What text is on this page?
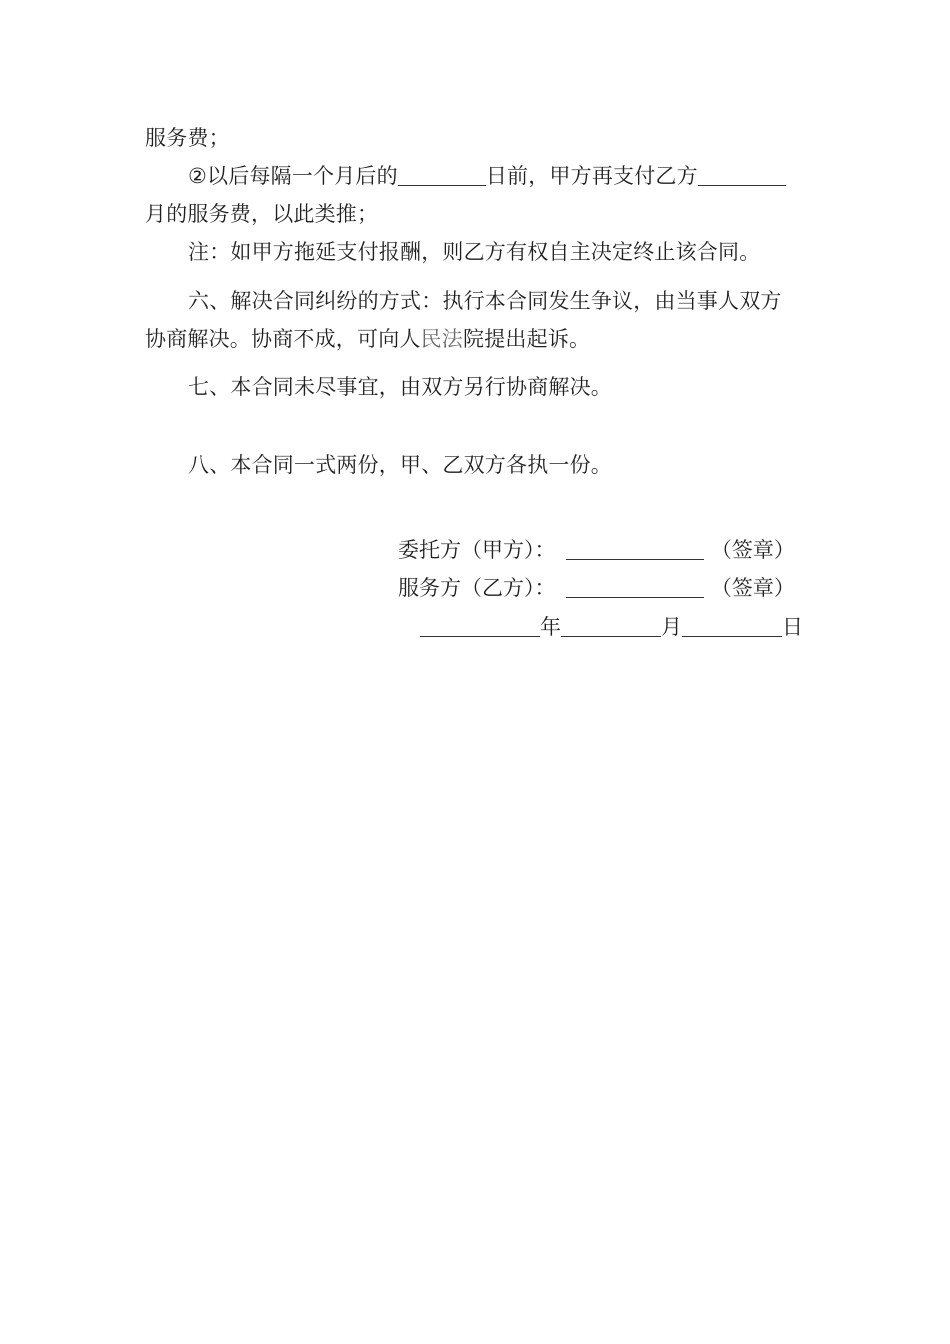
服务费；
②以后每隔一个月后的	日前，甲方再支付乙方
月的服务费，以此类推；
注：如甲方拖延支付报酬，则乙方有权自主决定终止该合同。
六、解决合同纠纷的方式：执行本合同发生争议，由当事人双方
协商解决。协商不成，可向人民法院提出起诉。
七、本合同未尽事宜，由双方另行协商解决。
八、本合同一式两份，甲、乙双方各执一份。
委托方（甲方）：	（签章）
服务方（乙方）：	（签章）
年	月	日
